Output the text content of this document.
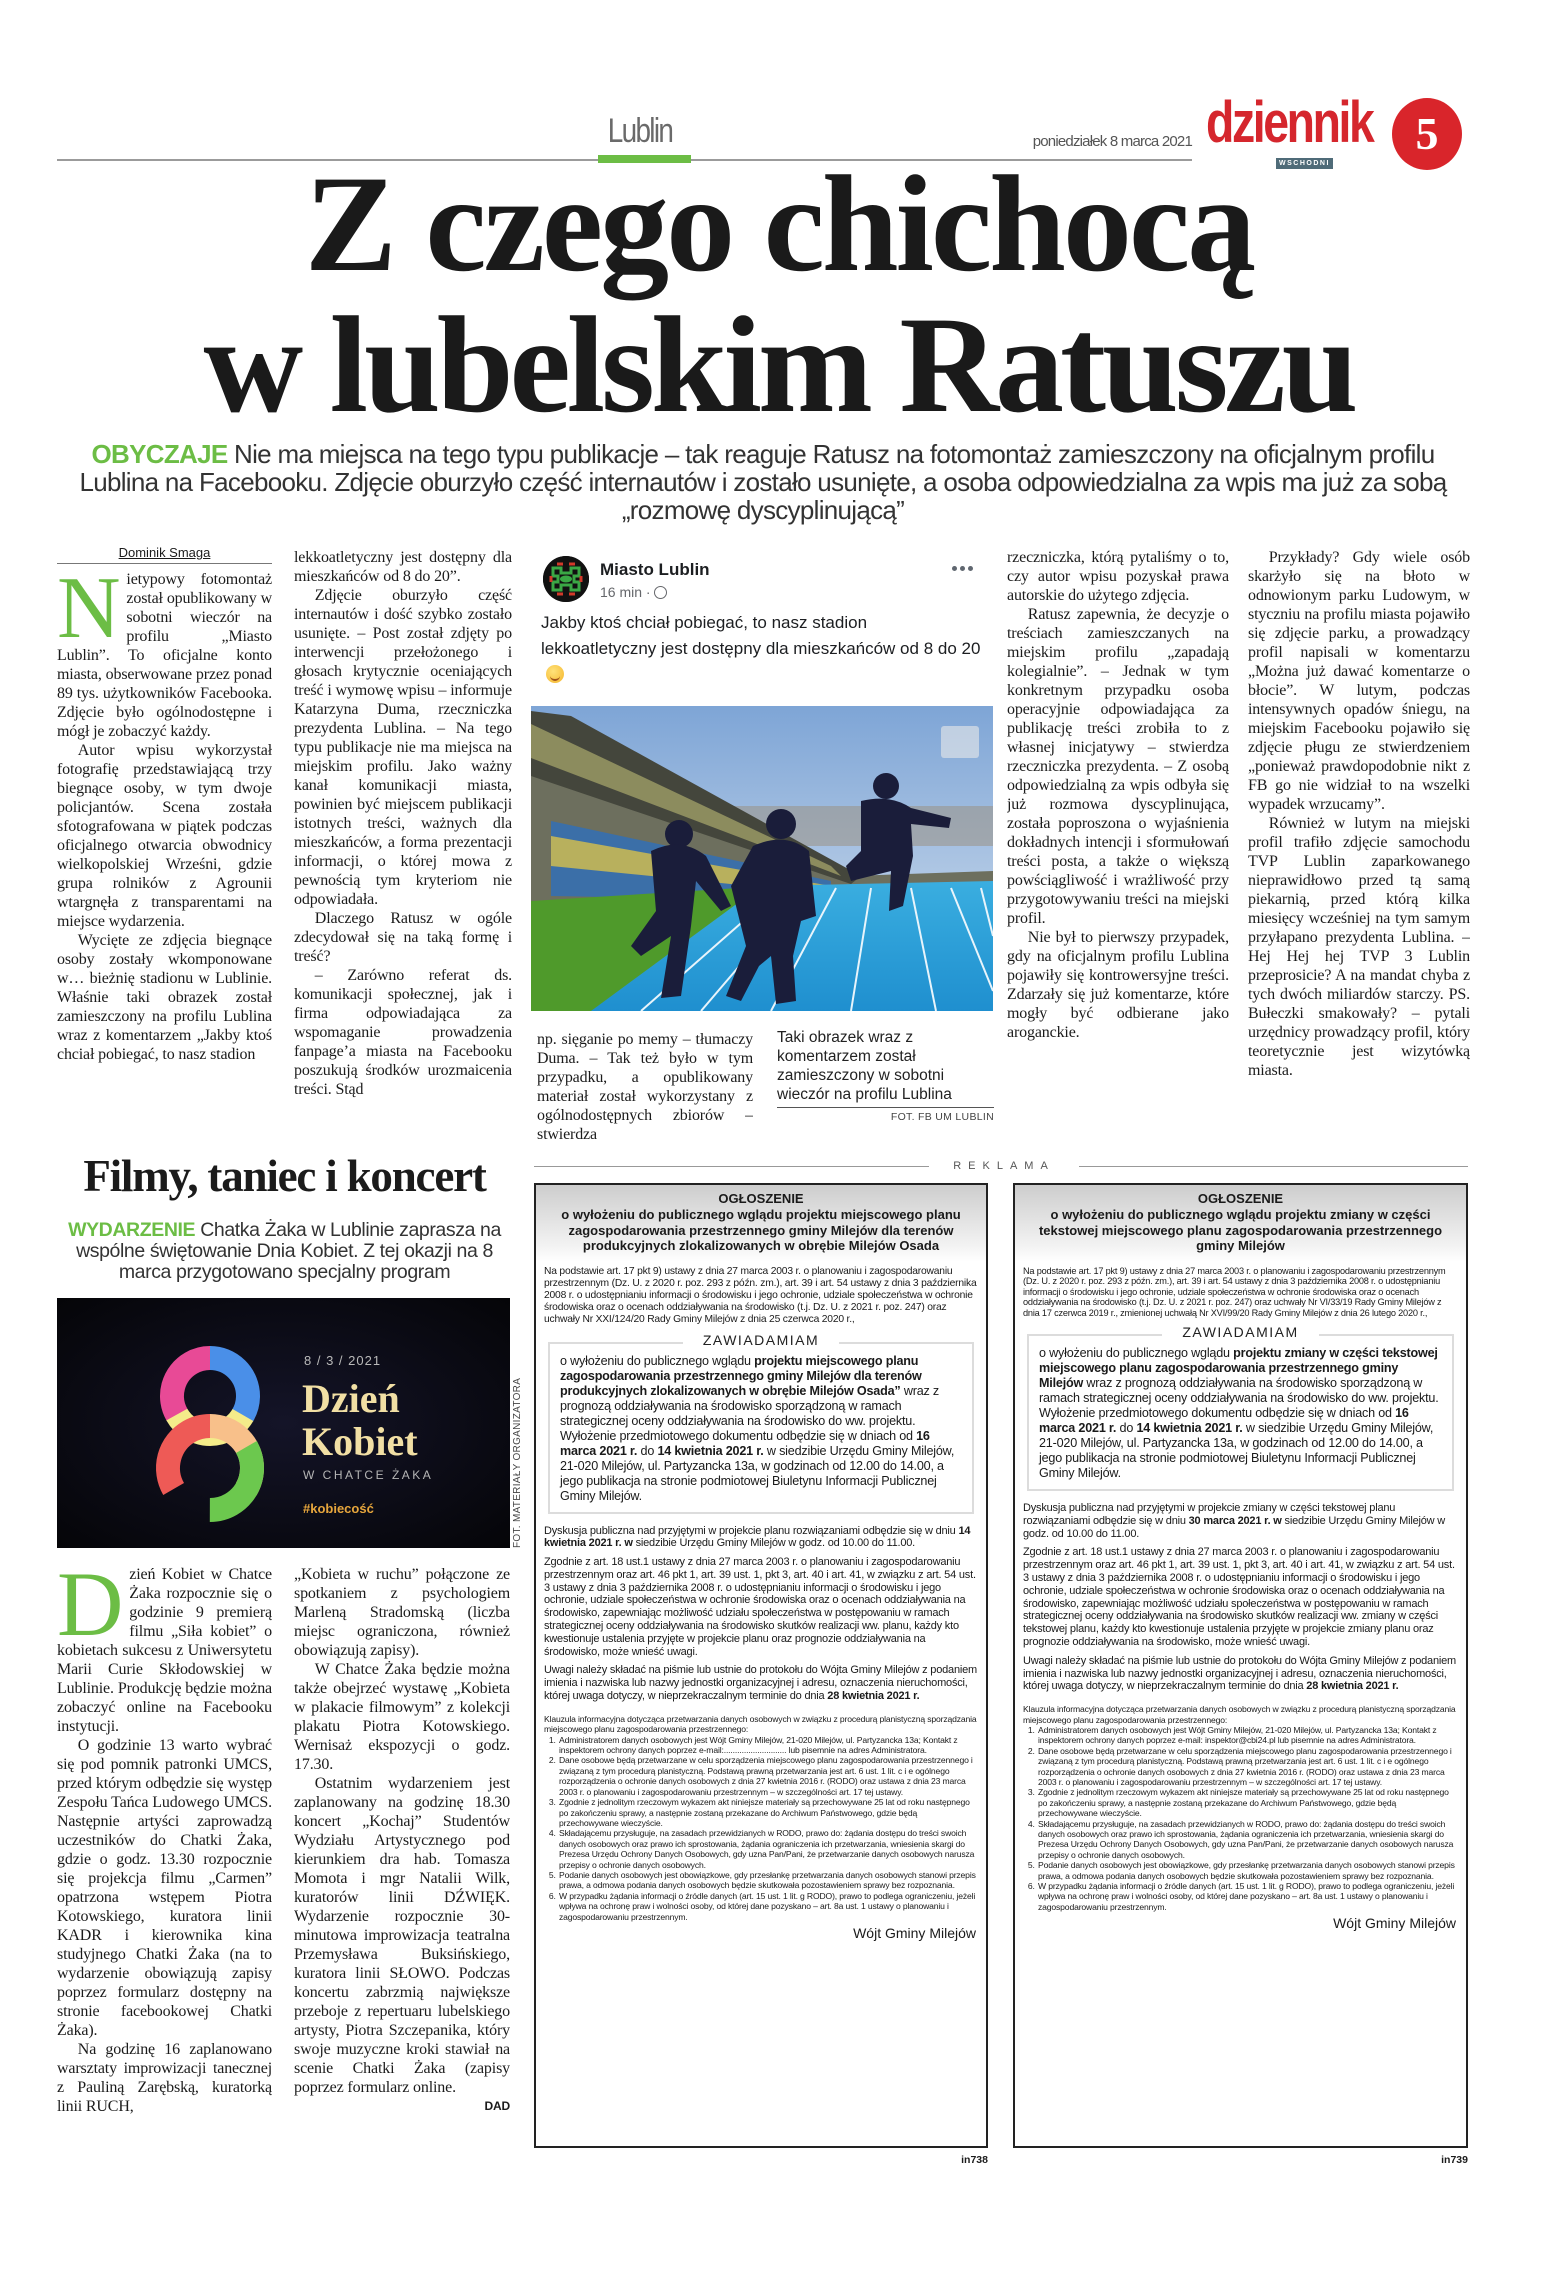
Lublin	poniedziałek 8 marca 2021 dziennik
WSCHODNI
5
Z czego chichocą
w lubelskim Ratuszu
OBYCZAJE Nie ma miejsca na tego typu publikacje – tak reaguje Ratusz na fotomontaż zamieszczony na oficjalnym profilu
Lublina na Facebooku. Zdjęcie oburzyło część internautów i zostało usunięte, a osoba odpowiedzialna za wpis ma już za sobą
„rozmowę dyscyplinującą”
Dominik Smaga

Nietypowy fotomontaż został opublikowany w sobotni wieczór na profilu „Miasto Lublin”. To oficjalne konto miasta, obserwowane przez ponad 89 tys. użytkowników Facebooka. Zdjęcie było ogólnodostępne i mógł je zobaczyć każdy.

Autor wpisu wykorzystał fotografię przedstawiającą trzy biegnące osoby, w tym dwoje policjantów. Scena została sfotografowana w piątek podczas oficjalnego otwarcia obwodnicy wielkopolskiej Wrześni, gdzie grupa rolników z Agrounii wtargnęła z transparentami na miejsce wydarzenia.

Wycięte ze zdjęcia biegnące osoby zostały wkomponowane w… bieżnię stadionu w Lublinie. Właśnie taki obrazek został zamieszczony na profilu Lublina wraz z komentarzem „Jakby ktoś chciał pobiegać, to nasz stadion

lekkoatletyczny jest dostępny dla mieszkańców od 8 do 20”.

Zdjęcie oburzyło część internautów i dość szybko zostało usunięte. – Post został zdjęty po interwencji przełożonego i głosach krytycznie oceniających treść i wymowę wpisu – informuje Katarzyna Duma, rzeczniczka prezydenta Lublina. – Na tego typu publikacje nie ma miejsca na miejskim profilu. Jako ważny kanał komunikacji miasta, powinien być miejscem publikacji istotnych treści, ważnych dla mieszkańców, a forma prezentacji informacji, o której mowa z pewnością tym kryteriom nie odpowiadała.

Dlaczego Ratusz w ogóle zdecydował się na taką formę i treść?

– Zarówno referat ds. komunikacji społecznej, jak i firma odpowiadająca za wspomaganie prowadzenia fanpage’a miasta na Facebooku poszukują środków urozmaicenia treści. Stąd

Miasto Lublin
16 min ·
Jakby ktoś chciał pobiegać, to nasz stadion lekkoatletyczny jest dostępny dla mieszkańców od 8 do 20

np. sięganie po memy – tłumaczy Duma. – Tak też było w tym przypadku, a opublikowany materiał został wykorzystany z ogólnodostępnych zbiorów – stwierdza

Taki obrazek wraz z komentarzem został zamieszczony w sobotni wieczór na profilu Lublina
FOT. FB UM LUBLIN

rzeczniczka, którą pytaliśmy o to, czy autor wpisu pozyskał prawa autorskie do użytego zdjęcia.

Ratusz zapewnia, że decyzje o treściach zamieszczanych na miejskim profilu „zapadają kolegialnie”. – Jednak w tym konkretnym przypadku osoba operacyjnie odpowiadająca za publikację treści zrobiła to z własnej inicjatywy – stwierdza rzeczniczka prezydenta. – Z osobą odpowiedzialną za wpis odbyła się już rozmowa dyscyplinująca, została poproszona o wyjaśnienia dokładnych intencji i sformułowań treści posta, a także o większą powściągliwość i wrażliwość przy przygotowywaniu treści na miejski profil.

Nie był to pierwszy przypadek, gdy na oficjalnym profilu Lublina pojawiły się kontrowersyjne treści. Zdarzały się już komentarze, które mogły być odbierane jako aroganckie.

Przykłady? Gdy wiele osób skarżyło się na błoto w odnowionym parku Ludowym, w styczniu na profilu miasta pojawiło się zdjęcie parku, a prowadzący profil napisali w komentarzu „Można już dawać komentarze o błocie”. W lutym, podczas intensywnych opadów śniegu, na miejskim Facebooku pojawiło się zdjęcie pługu ze stwierdzeniem „ponieważ prawdopodobnie nikt z FB go nie widział to na wszelki wypadek wrzucamy”.

Również w lutym na miejski profil trafiło zdjęcie samochodu TVP Lublin zaparkowanego nieprawidłowo przed tą samą piekarnią, przed którą kilka miesięcy wcześniej na tym samym przyłapano prezydenta Lublina. – Hej Hej hej TVP 3 Lublin przeprosicie? A na mandat chyba z tych dwóch miliardów starczy. PS. Bułeczki smakowały? – pytali urzędnicy prowadzący profil, który teoretycznie jest wizytówką miasta.

REKLAMA
Filmy, taniec i koncert
WYDARZENIE Chatka Żaka w Lublinie zaprasza na wspólne świętowanie Dnia Kobiet. Z tej okazji na 8 marca przygotowano specjalny program
8 / 3 / 2021
Dzień
Kobiet
W CHATCE ŻAKA
#kobiecość	FOT. MATERIAŁY ORGANIZATORA

Dzień Kobiet w Chatce Żaka rozpocznie się o godzinie 9 premierą filmu „Siła kobiet” o kobietach sukcesu z Uniwersytetu Marii Curie Skłodowskiej w Lublinie. Produkcję będzie można zobaczyć online na Facebooku instytucji.

O godzinie 13 warto wybrać się pod pomnik patronki UMCS, przed którym odbędzie się występ Zespołu Tańca Ludowego UMCS. Następnie artyści zaprowadzą uczestników do Chatki Żaka, gdzie o godz. 13.30 rozpocznie się projekcja filmu „Carmen” opatrzona wstępem Piotra Kotowskiego, kuratora linii KADR i kierownika kina studyjnego Chatki Żaka (na to wydarzenie obowiązują zapisy poprzez formularz dostępny na stronie facebookowej Chatki Żaka).

Na godzinę 16 zaplanowano warsztaty improwizacji tanecznej z Pauliną Zarębską, kuratorką linii RUCH,

„Kobieta w ruchu” połączone ze spotkaniem z psychologiem Marleną Stradomską (liczba miejsc ograniczona, również obowiązują zapisy).

W Chatce Żaka będzie można także obejrzeć wystawę „Kobieta w plakacie filmowym” z kolekcji plakatu Piotra Kotowskiego. Wernisaż ekspozycji o godz. 17.30.

Ostatnim wydarzeniem jest zaplanowany na godzinę 18.30 koncert „Kochaj” Studentów Wydziału Artystycznego pod kierunkiem dra hab. Tomasza Momota i mgr Natalii Wilk, kuratorów linii DŹWIĘK. Wydarzenie rozpocznie 30-minutowa improwizacja teatralna Przemysława Buksińskiego, kuratora linii SŁOWO. Podczas koncertu zabrzmią największe przeboje z repertuaru lubelskiego artysty, Piotra Szczepanika, który swoje muzyczne kroki stawiał na scenie Chatki Żaka (zapisy poprzez formularz online.

DAD

OGŁOSZENIE
o wyłożeniu do publicznego wglądu projektu miejscowego planu zagospodarowania przestrzennego gminy Milejów dla terenów produkcyjnych zlokalizowanych w obrębie Milejów Osada
Na podstawie art. 17 pkt 9) ustawy z dnia 27 marca 2003 r. o planowaniu i zagospodarowaniu przestrzennym (Dz. U. z 2020 r. poz. 293 z późn. zm.), art. 39 i art. 54 ustawy z dnia 3 października 2008 r. o udostępnianiu informacji o środowisku i jego ochronie, udziale społeczeństwa w ochronie środowiska oraz o ocenach oddziaływania na środowisko (t.j. Dz. U. z 2021 r. poz. 247) oraz uchwały Nr XXI/124/20 Rady Gminy Milejów z dnia 25 czerwca 2020 r.,
ZAWIADAMIAM
o wyłożeniu do publicznego wglądu projektu miejscowego planu zagospodarowania przestrzennego gminy Milejów dla terenów produkcyjnych zlokalizowanych w obrębie Milejów Osada” wraz z prognozą oddziaływania na środowisko sporządzoną w ramach strategicznej oceny oddziaływania na środowisko do ww. projektu. Wyłożenie przedmiotowego dokumentu odbędzie się w dniach od 16 marca 2021 r. do 14 kwietnia 2021 r. w siedzibie Urzędu Gminy Milejów, 21-020 Milejów, ul. Partyzancka 13a, w godzinach od 12.00 do 14.00, a jego publikacja na stronie podmiotowej Biuletynu Informacji Publicznej Gminy Milejów.
Dyskusja publiczna nad przyjętymi w projekcie planu rozwiązaniami odbędzie się w dniu 14 kwietnia 2021 r. w siedzibie Urzędu Gminy Milejów w godz. od 10.00 do 11.00.
Zgodnie z art. 18 ust.1 ustawy z dnia 27 marca 2003 r. o planowaniu i zagospodarowaniu przestrzennym oraz art. 46 pkt 1, art. 39 ust. 1, pkt 3, art. 40 i art. 41, w związku z art. 54 ust. 3 ustawy z dnia 3 października 2008 r. o udostępnianiu informacji o środowisku i jego ochronie, udziale społeczeństwa w ochronie środowiska oraz o ocenach oddziaływania na środowisko, zapewniając możliwość udziału społeczeństwa w postępowaniu w ramach strategicznej oceny oddziaływania na środowisko skutków realizacji ww. planu, każdy kto kwestionuje ustalenia przyjęte w projekcie planu oraz prognozie oddziaływania na środowisko, może wnieść uwagi.
Uwagi należy składać na piśmie lub ustnie do protokołu do Wójta Gminy Milejów z podaniem imienia i nazwiska lub nazwy jednostki organizacyjnej i adresu, oznaczenia nieruchomości, której uwaga dotyczy, w nieprzekraczalnym terminie do dnia 28 kwietnia 2021 r.
Klauzula informacyjna dotycząca przetwarzania danych osobowych w związku z procedurą planistyczną sporządzania miejscowego planu zagospodarowania przestrzennego:
1. Administratorem danych osobowych jest Wójt Gminy Milejów, 21-020 Milejów, ul. Partyzancka 13a; Kontakt z inspektorem ochrony danych poprzez e-mail:............................ lub pisemnie na adres Administratora.
2. Dane osobowe będą przetwarzane w celu sporządzenia miejscowego planu zagospodarowania przestrzennego i związaną z tym procedurą planistyczną. Podstawą prawną przetwarzania jest art. 6 ust. 1 lit. c i e ogólnego rozporządzenia o ochronie danych osobowych z dnia 27 kwietnia 2016 r. (RODO) oraz ustawa z dnia 23 marca 2003 r. o planowaniu i zagospodarowaniu przestrzennym – w szczególności art. 17 tej ustawy.
3. Zgodnie z jednolitym rzeczowym wykazem akt niniejsze materiały są przechowywane 25 lat od roku następnego po zakończeniu sprawy, a następnie zostaną przekazane do Archiwum Państwowego, gdzie będą przechowywane wieczyście.
4. Składającemu przysługuje, na zasadach przewidzianych w RODO, prawo do: żądania dostępu do treści swoich danych osobowych oraz prawo ich sprostowania, żądania ograniczenia ich przetwarzania, wniesienia skargi do Prezesa Urzędu Ochrony Danych Osobowych, gdy uzna Pan/Pani, że przetwarzanie danych osobowych narusza przepisy o ochronie danych osobowych.
5. Podanie danych osobowych jest obowiązkowe, gdy przesłankę przetwarzania danych osobowych stanowi przepis prawa, a odmowa podania danych osobowych będzie skutkowała pozostawieniem sprawy bez rozpoznania.
6. W przypadku żądania informacji o źródle danych (art. 15 ust. 1 lit. g RODO), prawo to podlega ograniczeniu, jeżeli wpływa na ochronę praw i wolności osoby, od której dane pozyskano – art. 8a ust. 1 ustawy o planowaniu i zagospodarowaniu przestrzennym.
Wójt Gminy Milejów
in738
OGŁOSZENIE
o wyłożeniu do publicznego wglądu projektu zmiany w części tekstowej miejscowego planu zagospodarowania przestrzennego gminy Milejów
Na podstawie art. 17 pkt 9) ustawy z dnia 27 marca 2003 r. o planowaniu i zagospodarowaniu przestrzennym (Dz. U. z 2020 r. poz. 293 z późn. zm.), art. 39 i art. 54 ustawy z dnia 3 października 2008 r. o udostępnianiu informacji o środowisku i jego ochronie, udziale społeczeństwa w ochronie środowiska oraz o ocenach oddziaływania na środowisko (t.j. Dz. U. z 2021 r. poz. 247) oraz uchwały Nr VI/33/19 Rady Gminy Milejów z dnia 17 czerwca 2019 r., zmienionej uchwałą Nr XVI/99/20 Rady Gminy Milejów z dnia 26 lutego 2020 r.,
ZAWIADAMIAM
o wyłożeniu do publicznego wglądu projektu zmiany w części tekstowej miejscowego planu zagospodarowania przestrzennego gminy Milejów wraz z prognozą oddziaływania na środowisko sporządzoną w ramach strategicznej oceny oddziaływania na środowisko do ww. projektu. Wyłożenie przedmiotowego dokumentu odbędzie się w dniach od 16 marca 2021 r. do 14 kwietnia 2021 r. w siedzibie Urzędu Gminy Milejów, 21-020 Milejów, ul. Partyzancka 13a, w godzinach od 12.00 do 14.00, a jego publikacja na stronie podmiotowej Biuletynu Informacji Publicznej Gminy Milejów.
Dyskusja publiczna nad przyjętymi w projekcie zmiany w części tekstowej planu rozwiązaniami odbędzie się w dniu 30 marca 2021 r. w siedzibie Urzędu Gminy Milejów w godz. od 10.00 do 11.00.
Zgodnie z art. 18 ust.1 ustawy z dnia 27 marca 2003 r. o planowaniu i zagospodarowaniu przestrzennym oraz art. 46 pkt 1, art. 39 ust. 1, pkt 3, art. 40 i art. 41, w związku z art. 54 ust. 3 ustawy z dnia 3 października 2008 r. o udostępnianiu informacji o środowisku i jego ochronie, udziale społeczeństwa w ochronie środowiska oraz o ocenach oddziaływania na środowisko, zapewniając możliwość udziału społeczeństwa w postępowaniu w ramach strategicznej oceny oddziaływania na środowisko skutków realizacji ww. zmiany w części tekstowej planu, każdy kto kwestionuje ustalenia przyjęte w projekcie zmiany planu oraz prognozie oddziaływania na środowisko, może wnieść uwagi.
Uwagi należy składać na piśmie lub ustnie do protokołu do Wójta Gminy Milejów z podaniem imienia i nazwiska lub nazwy jednostki organizacyjnej i adresu, oznaczenia nieruchomości, której uwaga dotyczy, w nieprzekraczalnym terminie do dnia 28 kwietnia 2021 r.
Klauzula informacyjna dotycząca przetwarzania danych osobowych w związku z procedurą planistyczną sporządzania miejscowego planu zagospodarowania przestrzennego:
1. Administratorem danych osobowych jest Wójt Gminy Milejów, 21-020 Milejów, ul. Partyzancka 13a; Kontakt z inspektorem ochrony danych poprzez e-mail: inspektor@cbi24.pl lub pisemnie na adres Administratora.
2. Dane osobowe będą przetwarzane w celu sporządzenia miejscowego planu zagospodarowania przestrzennego i związaną z tym procedurą planistyczną. Podstawą prawną przetwarzania jest art. 6 ust. 1 lit. c i e ogólnego rozporządzenia o ochronie danych osobowych z dnia 27 kwietnia 2016 r. (RODO) oraz ustawa z dnia 23 marca 2003 r. o planowaniu i zagospodarowaniu przestrzennym – w szczególności art. 17 tej ustawy.
3. Zgodnie z jednolitym rzeczowym wykazem akt niniejsze materiały są przechowywane 25 lat od roku następnego po zakończeniu sprawy, a następnie zostaną przekazane do Archiwum Państwowego, gdzie będą przechowywane wieczyście.
4. Składającemu przysługuje, na zasadach przewidzianych w RODO, prawo do: żądania dostępu do treści swoich danych osobowych oraz prawo ich sprostowania, żądania ograniczenia ich przetwarzania, wniesienia skargi do Prezesa Urzędu Ochrony Danych Osobowych, gdy uzna Pan/Pani, że przetwarzanie danych osobowych narusza przepisy o ochronie danych osobowych.
5. Podanie danych osobowych jest obowiązkowe, gdy przesłankę przetwarzania danych osobowych stanowi przepis prawa, a odmowa podania danych osobowych będzie skutkowała pozostawieniem sprawy bez rozpoznania.
6. W przypadku żądania informacji o źródle danych (art. 15 ust. 1 lit. g RODO), prawo to podlega ograniczeniu, jeżeli wpływa na ochronę praw i wolności osoby, od której dane pozyskano – art. 8a ust. 1 ustawy o planowaniu i zagospodarowaniu przestrzennym.
Wójt Gminy Milejów
in739
